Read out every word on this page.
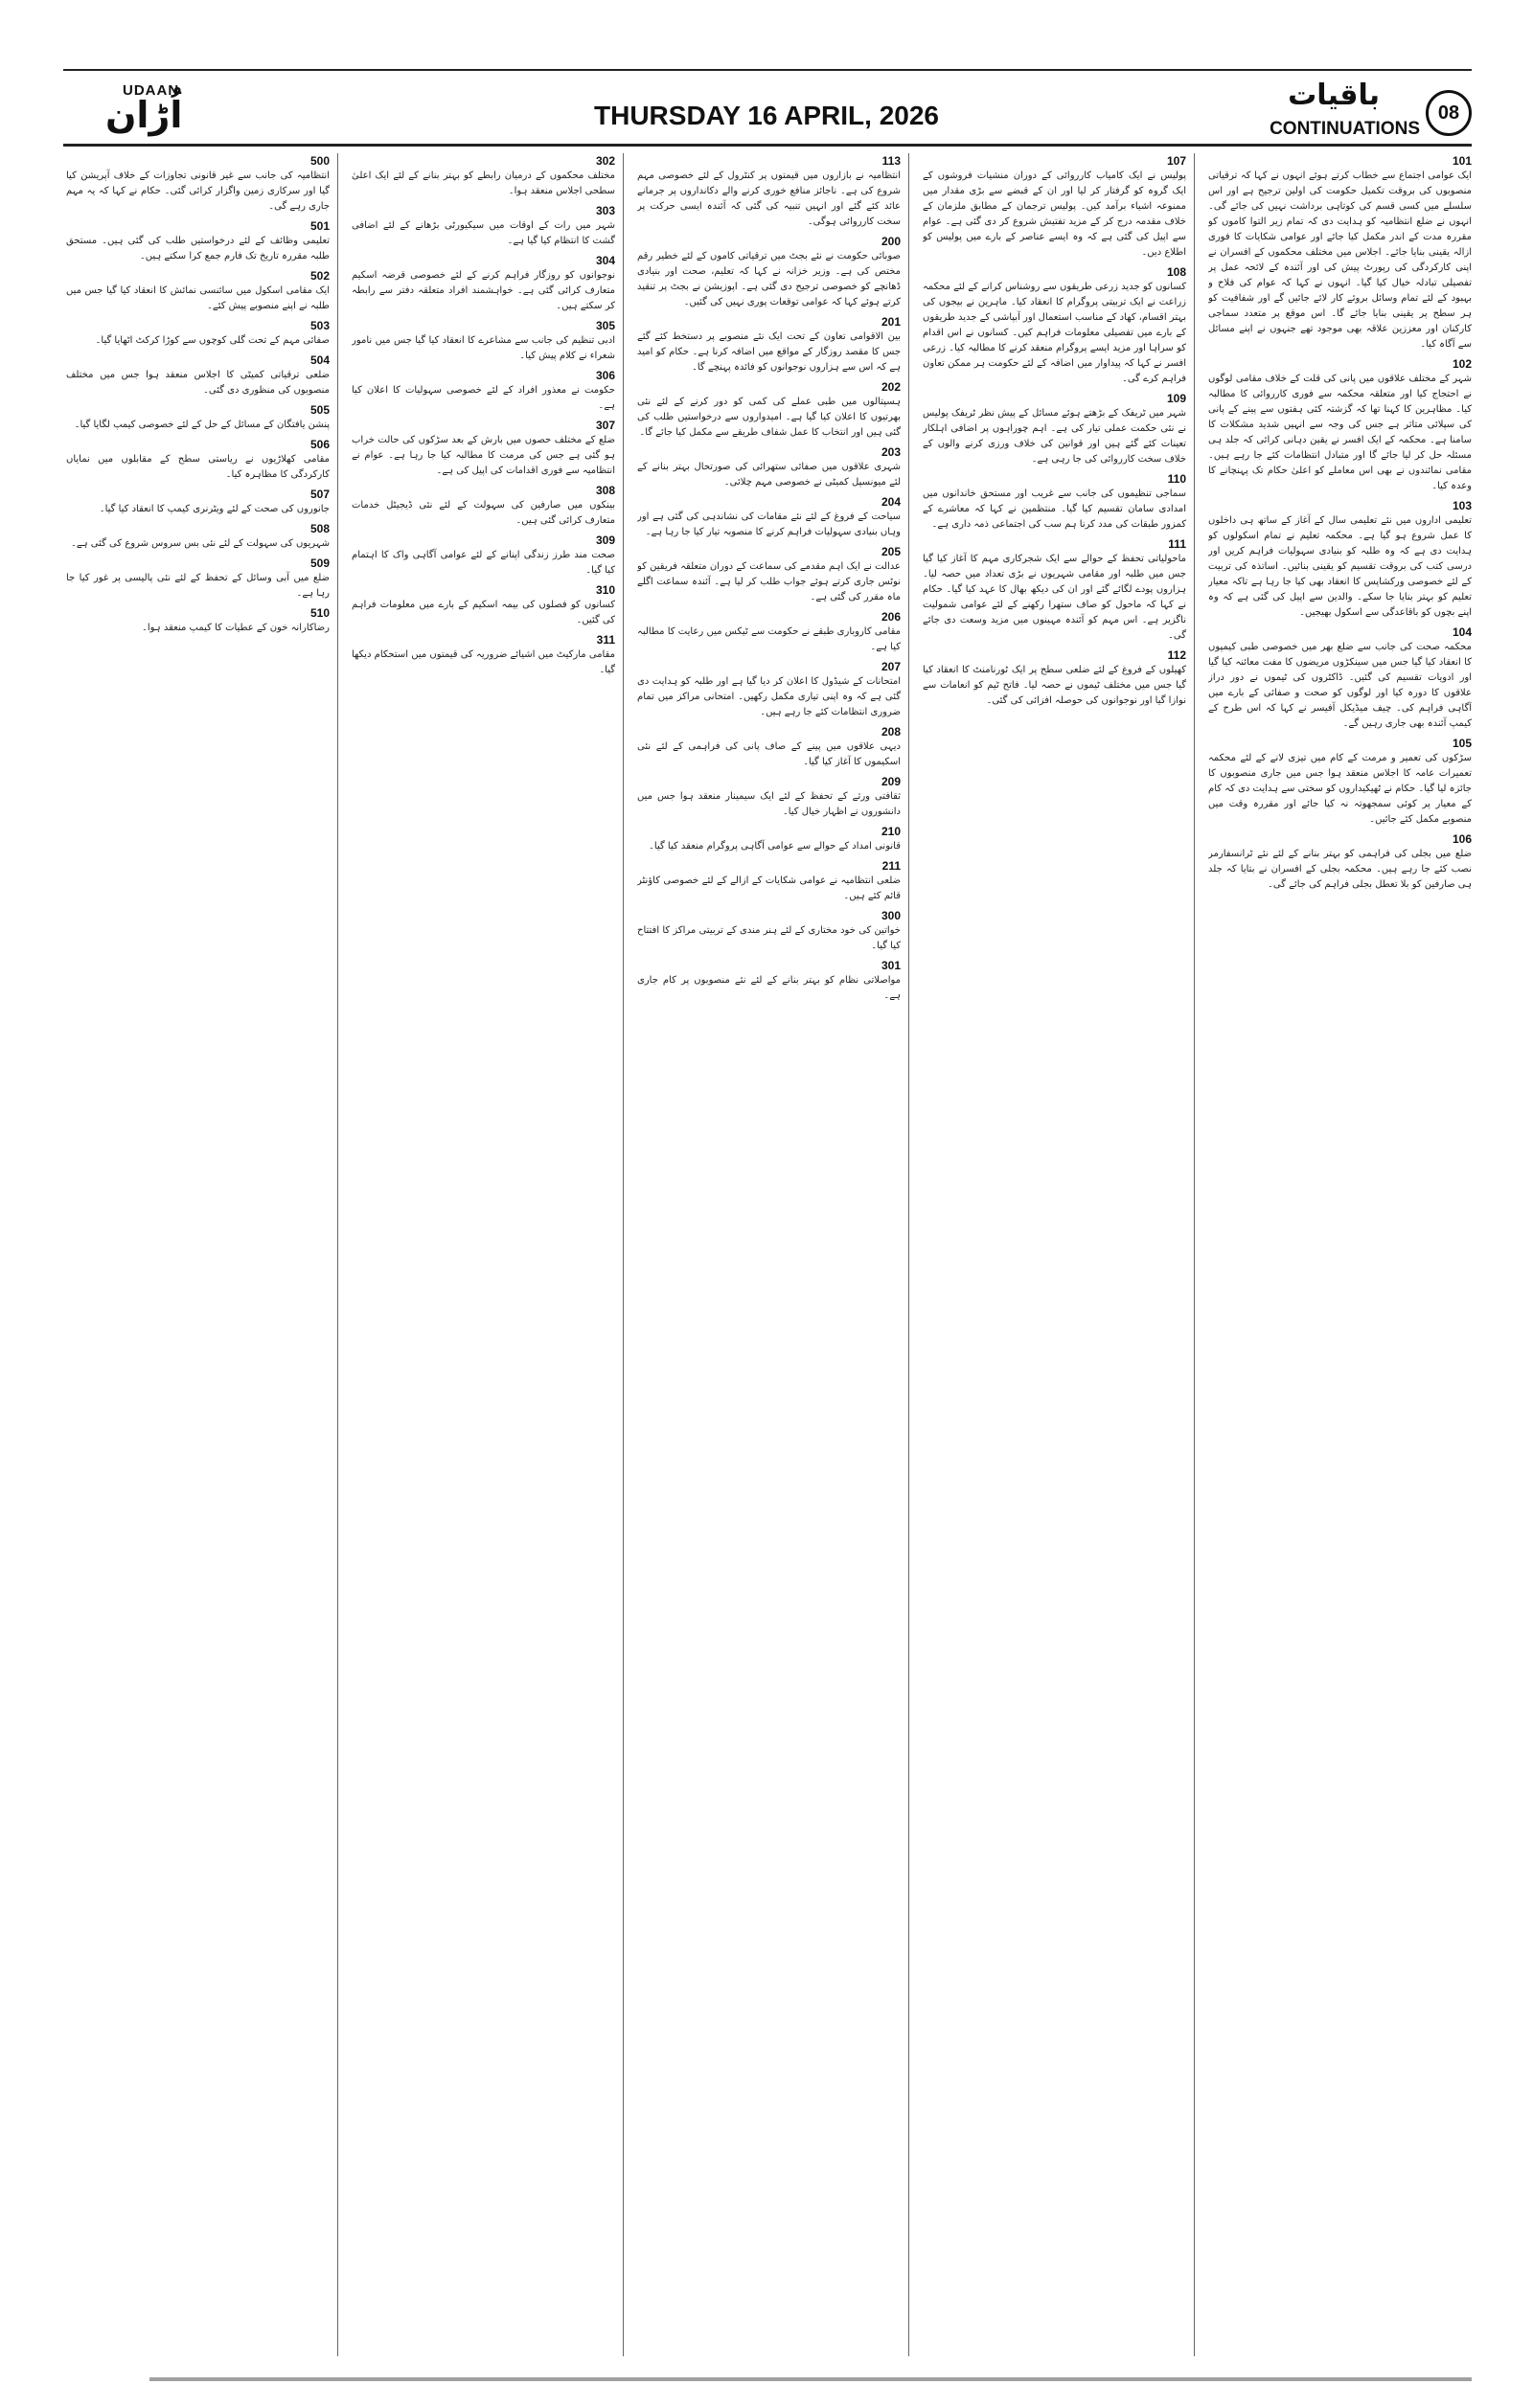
UDAAN
اُڑان	THURSDAY 16 APRIL, 2026
باقیات
CONTINUATIONS
08
101
ایک عوامی اجتماع سے خطاب کرتے ہوئے انہوں نے کہا کہ ترقیاتی منصوبوں کی بروقت تکمیل حکومت کی اولین ترجیح ہے اور اس سلسلے میں کسی قسم کی کوتاہی برداشت نہیں کی جائے گی۔ انہوں نے ضلع انتظامیہ کو ہدایت دی کہ تمام زیر التوا کاموں کو مقررہ مدت کے اندر مکمل کیا جائے اور عوامی شکایات کا فوری ازالہ یقینی بنایا جائے۔ اجلاس میں مختلف محکموں کے افسران نے اپنی کارکردگی کی رپورٹ پیش کی اور آئندہ کے لائحہ عمل پر تفصیلی تبادلہ خیال کیا گیا۔ انہوں نے کہا کہ عوام کی فلاح و بہبود کے لئے تمام وسائل بروئے کار لائے جائیں گے اور شفافیت کو ہر سطح پر یقینی بنایا جائے گا۔ اس موقع پر متعدد سماجی کارکنان اور معززین علاقہ بھی موجود تھے جنہوں نے اپنے مسائل سے آگاہ کیا۔
102
شہر کے مختلف علاقوں میں پانی کی قلت کے خلاف مقامی لوگوں نے احتجاج کیا اور متعلقہ محکمہ سے فوری کارروائی کا مطالبہ کیا۔ مظاہرین کا کہنا تھا کہ گزشتہ کئی ہفتوں سے پینے کے پانی کی سپلائی متاثر ہے جس کی وجہ سے انہیں شدید مشکلات کا سامنا ہے۔ محکمہ کے ایک افسر نے یقین دہانی کرائی کہ جلد ہی مسئلہ حل کر لیا جائے گا اور متبادل انتظامات کئے جا رہے ہیں۔ مقامی نمائندوں نے بھی اس معاملے کو اعلیٰ حکام تک پہنچانے کا وعدہ کیا۔
103
تعلیمی اداروں میں نئے تعلیمی سال کے آغاز کے ساتھ ہی داخلوں کا عمل شروع ہو گیا ہے۔ محکمہ تعلیم نے تمام اسکولوں کو ہدایت دی ہے کہ وہ طلبہ کو بنیادی سہولیات فراہم کریں اور درسی کتب کی بروقت تقسیم کو یقینی بنائیں۔ اساتذہ کی تربیت کے لئے خصوصی ورکشاپس کا انعقاد بھی کیا جا رہا ہے تاکہ معیار تعلیم کو بہتر بنایا جا سکے۔ والدین سے اپیل کی گئی ہے کہ وہ اپنے بچوں کو باقاعدگی سے اسکول بھیجیں۔
104
محکمہ صحت کی جانب سے ضلع بھر میں خصوصی طبی کیمپوں کا انعقاد کیا گیا جس میں سینکڑوں مریضوں کا مفت معائنہ کیا گیا اور ادویات تقسیم کی گئیں۔ ڈاکٹروں کی ٹیموں نے دور دراز علاقوں کا دورہ کیا اور لوگوں کو صحت و صفائی کے بارے میں آگاہی فراہم کی۔ چیف میڈیکل آفیسر نے کہا کہ اس طرح کے کیمپ آئندہ بھی جاری رہیں گے۔
105
سڑکوں کی تعمیر و مرمت کے کام میں تیزی لانے کے لئے محکمہ تعمیرات عامہ کا اجلاس منعقد ہوا جس میں جاری منصوبوں کا جائزہ لیا گیا۔ حکام نے ٹھیکیداروں کو سختی سے ہدایت دی کہ کام کے معیار پر کوئی سمجھوتہ نہ کیا جائے اور مقررہ وقت میں منصوبے مکمل کئے جائیں۔
106
ضلع میں بجلی کی فراہمی کو بہتر بنانے کے لئے نئے ٹرانسفارمر نصب کئے جا رہے ہیں۔ محکمہ بجلی کے افسران نے بتایا کہ جلد ہی صارفین کو بلا تعطل بجلی فراہم کی جائے گی۔
107
پولیس نے ایک کامیاب کارروائی کے دوران منشیات فروشوں کے ایک گروہ کو گرفتار کر لیا اور ان کے قبضے سے بڑی مقدار میں ممنوعہ اشیاء برآمد کیں۔ پولیس ترجمان کے مطابق ملزمان کے خلاف مقدمہ درج کر کے مزید تفتیش شروع کر دی گئی ہے۔ عوام سے اپیل کی گئی ہے کہ وہ ایسے عناصر کے بارے میں پولیس کو اطلاع دیں۔
108
کسانوں کو جدید زرعی طریقوں سے روشناس کرانے کے لئے محکمہ زراعت نے ایک تربیتی پروگرام کا انعقاد کیا۔ ماہرین نے بیجوں کی بہتر اقسام، کھاد کے مناسب استعمال اور آبپاشی کے جدید طریقوں کے بارے میں تفصیلی معلومات فراہم کیں۔ کسانوں نے اس اقدام کو سراہا اور مزید ایسے پروگرام منعقد کرنے کا مطالبہ کیا۔ زرعی افسر نے کہا کہ پیداوار میں اضافہ کے لئے حکومت ہر ممکن تعاون فراہم کرے گی۔
109
شہر میں ٹریفک کے بڑھتے ہوئے مسائل کے پیش نظر ٹریفک پولیس نے نئی حکمت عملی تیار کی ہے۔ اہم چوراہوں پر اضافی اہلکار تعینات کئے گئے ہیں اور قوانین کی خلاف ورزی کرنے والوں کے خلاف سخت کارروائی کی جا رہی ہے۔
110
سماجی تنظیموں کی جانب سے غریب اور مستحق خاندانوں میں امدادی سامان تقسیم کیا گیا۔ منتظمین نے کہا کہ معاشرے کے کمزور طبقات کی مدد کرنا ہم سب کی اجتماعی ذمہ داری ہے۔
111
ماحولیاتی تحفظ کے حوالے سے ایک شجرکاری مہم کا آغاز کیا گیا جس میں طلبہ اور مقامی شہریوں نے بڑی تعداد میں حصہ لیا۔ ہزاروں پودے لگائے گئے اور ان کی دیکھ بھال کا عہد کیا گیا۔ حکام نے کہا کہ ماحول کو صاف ستھرا رکھنے کے لئے عوامی شمولیت ناگزیر ہے۔ اس مہم کو آئندہ مہینوں میں مزید وسعت دی جائے گی۔
112
کھیلوں کے فروغ کے لئے ضلعی سطح پر ایک ٹورنامنٹ کا انعقاد کیا گیا جس میں مختلف ٹیموں نے حصہ لیا۔ فاتح ٹیم کو انعامات سے نوازا گیا اور نوجوانوں کی حوصلہ افزائی کی گئی۔
113
انتظامیہ نے بازاروں میں قیمتوں پر کنٹرول کے لئے خصوصی مہم شروع کی ہے۔ ناجائز منافع خوری کرنے والے دکانداروں پر جرمانے عائد کئے گئے اور انہیں تنبیہ کی گئی کہ آئندہ ایسی حرکت پر سخت کارروائی ہوگی۔
200
صوبائی حکومت نے نئے بجٹ میں ترقیاتی کاموں کے لئے خطیر رقم مختص کی ہے۔ وزیر خزانہ نے کہا کہ تعلیم، صحت اور بنیادی ڈھانچے کو خصوصی ترجیح دی گئی ہے۔ اپوزیشن نے بجٹ پر تنقید کرتے ہوئے کہا کہ عوامی توقعات پوری نہیں کی گئیں۔
201
بین الاقوامی تعاون کے تحت ایک نئے منصوبے پر دستخط کئے گئے جس کا مقصد روزگار کے مواقع میں اضافہ کرنا ہے۔ حکام کو امید ہے کہ اس سے ہزاروں نوجوانوں کو فائدہ پہنچے گا۔
202
ہسپتالوں میں طبی عملے کی کمی کو دور کرنے کے لئے نئی بھرتیوں کا اعلان کیا گیا ہے۔ امیدواروں سے درخواستیں طلب کی گئی ہیں اور انتخاب کا عمل شفاف طریقے سے مکمل کیا جائے گا۔
203
شہری علاقوں میں صفائی ستھرائی کی صورتحال بہتر بنانے کے لئے میونسپل کمیٹی نے خصوصی مہم چلائی۔
204
سیاحت کے فروغ کے لئے نئے مقامات کی نشاندہی کی گئی ہے اور وہاں بنیادی سہولیات فراہم کرنے کا منصوبہ تیار کیا جا رہا ہے۔
205
عدالت نے ایک اہم مقدمے کی سماعت کے دوران متعلقہ فریقین کو نوٹس جاری کرتے ہوئے جواب طلب کر لیا ہے۔ آئندہ سماعت اگلے ماہ مقرر کی گئی ہے۔
206
مقامی کاروباری طبقے نے حکومت سے ٹیکس میں رعایت کا مطالبہ کیا ہے۔
207
امتحانات کے شیڈول کا اعلان کر دیا گیا ہے اور طلبہ کو ہدایت دی گئی ہے کہ وہ اپنی تیاری مکمل رکھیں۔ امتحانی مراکز میں تمام ضروری انتظامات کئے جا رہے ہیں۔
208
دیہی علاقوں میں پینے کے صاف پانی کی فراہمی کے لئے نئی اسکیموں کا آغاز کیا گیا۔
209
ثقافتی ورثے کے تحفظ کے لئے ایک سیمینار منعقد ہوا جس میں دانشوروں نے اظہار خیال کیا۔
210
قانونی امداد کے حوالے سے عوامی آگاہی پروگرام منعقد کیا گیا۔
211
ضلعی انتظامیہ نے عوامی شکایات کے ازالے کے لئے خصوصی کاؤنٹر قائم کئے ہیں۔
300
خواتین کی خود مختاری کے لئے ہنر مندی کے تربیتی مراکز کا افتتاح کیا گیا۔
301
مواصلاتی نظام کو بہتر بنانے کے لئے نئے منصوبوں پر کام جاری ہے۔
302
مختلف محکموں کے درمیان رابطے کو بہتر بنانے کے لئے ایک اعلیٰ سطحی اجلاس منعقد ہوا۔
303
شہر میں رات کے اوقات میں سیکیورٹی بڑھانے کے لئے اضافی گشت کا انتظام کیا گیا ہے۔
304
نوجوانوں کو روزگار فراہم کرنے کے لئے خصوصی قرضہ اسکیم متعارف کرائی گئی ہے۔ خواہشمند افراد متعلقہ دفتر سے رابطہ کر سکتے ہیں۔
305
ادبی تنظیم کی جانب سے مشاعرے کا انعقاد کیا گیا جس میں نامور شعراء نے کلام پیش کیا۔
306
حکومت نے معذور افراد کے لئے خصوصی سہولیات کا اعلان کیا ہے۔
307
ضلع کے مختلف حصوں میں بارش کے بعد سڑکوں کی حالت خراب ہو گئی ہے جس کی مرمت کا مطالبہ کیا جا رہا ہے۔ عوام نے انتظامیہ سے فوری اقدامات کی اپیل کی ہے۔
308
بینکوں میں صارفین کی سہولت کے لئے نئی ڈیجیٹل خدمات متعارف کرائی گئی ہیں۔
309
صحت مند طرز زندگی اپنانے کے لئے عوامی آگاہی واک کا اہتمام کیا گیا۔
310
کسانوں کو فصلوں کی بیمہ اسکیم کے بارے میں معلومات فراہم کی گئیں۔
311
مقامی مارکیٹ میں اشیائے ضروریہ کی قیمتوں میں استحکام دیکھا گیا۔
500
انتظامیہ کی جانب سے غیر قانونی تجاوزات کے خلاف آپریشن کیا گیا اور سرکاری زمین واگزار کرائی گئی۔ حکام نے کہا کہ یہ مہم جاری رہے گی۔
501
تعلیمی وظائف کے لئے درخواستیں طلب کی گئی ہیں۔ مستحق طلبہ مقررہ تاریخ تک فارم جمع کرا سکتے ہیں۔
502
ایک مقامی اسکول میں سائنسی نمائش کا انعقاد کیا گیا جس میں طلبہ نے اپنے منصوبے پیش کئے۔
503
صفائی مہم کے تحت گلی کوچوں سے کوڑا کرکٹ اٹھایا گیا۔
504
ضلعی ترقیاتی کمیٹی کا اجلاس منعقد ہوا جس میں مختلف منصوبوں کی منظوری دی گئی۔
505
پنشن یافتگان کے مسائل کے حل کے لئے خصوصی کیمپ لگایا گیا۔
506
مقامی کھلاڑیوں نے ریاستی سطح کے مقابلوں میں نمایاں کارکردگی کا مظاہرہ کیا۔
507
جانوروں کی صحت کے لئے ویٹرنری کیمپ کا انعقاد کیا گیا۔
508
شہریوں کی سہولت کے لئے نئی بس سروس شروع کی گئی ہے۔
509
ضلع میں آبی وسائل کے تحفظ کے لئے نئی پالیسی پر غور کیا جا رہا ہے۔
510
رضاکارانہ خون کے عطیات کا کیمپ منعقد ہوا۔
